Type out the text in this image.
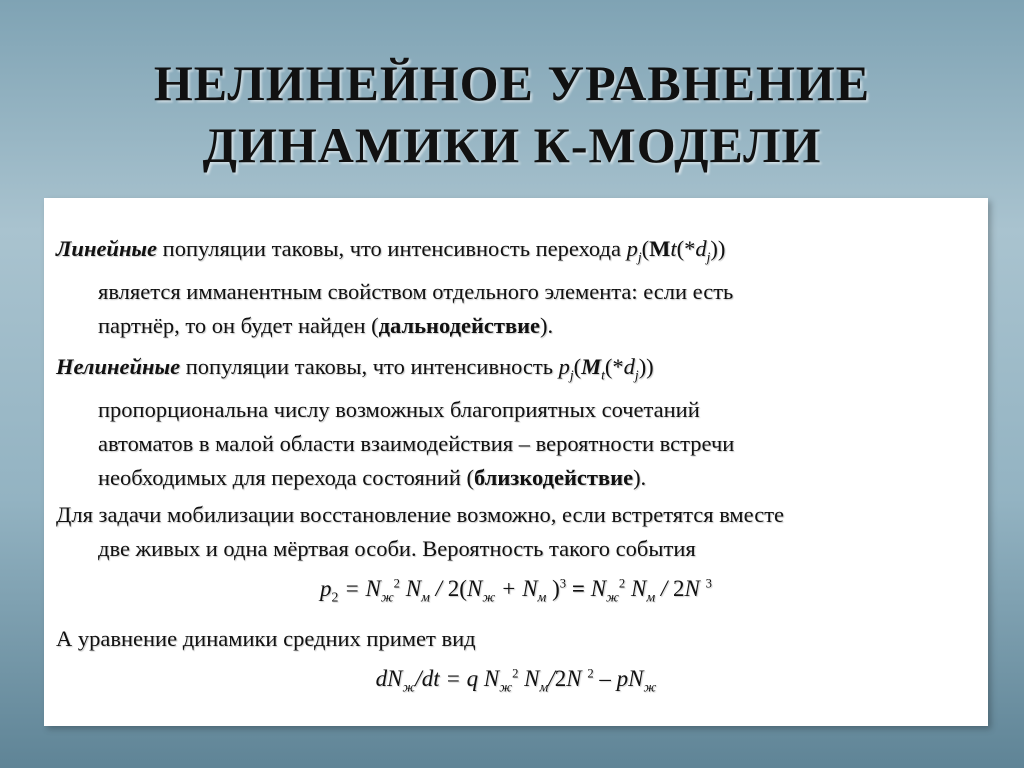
НЕЛИНЕЙНОЕ УРАВНЕНИЕ
ДИНАМИКИ К-МОДЕЛИ
Линейные популяции таковы, что интенсивность перехода $p_j(Mt(*d_j))$
является имманентным свойством отдельного элемента: если есть
партнёр, то он будет найден (дальнодействие).
Нелинейные популяции таковы, что интенсивность $p_j(M_t(*d_j))$
пропорциональна числу возможных благоприятных сочетаний
автоматов в малой области взаимодействия – вероятности встречи
необходимых для перехода состояний (близкодействие).
Для задачи мобилизации восстановление возможно, если встретятся вместе
две живых и одна мёртвая особи. Вероятность такого события
$p_2 = N_ж^2$ $N_м / 2(N_ж + N_м$ )$^3 = N_ж^2$ $N_м / 2N$ $^3$
А уравнение динамики средних примет вид
$dN_ж/dt = q$ $N_ж^2$ $N_м/2N$ $^2 - pN_ж$
